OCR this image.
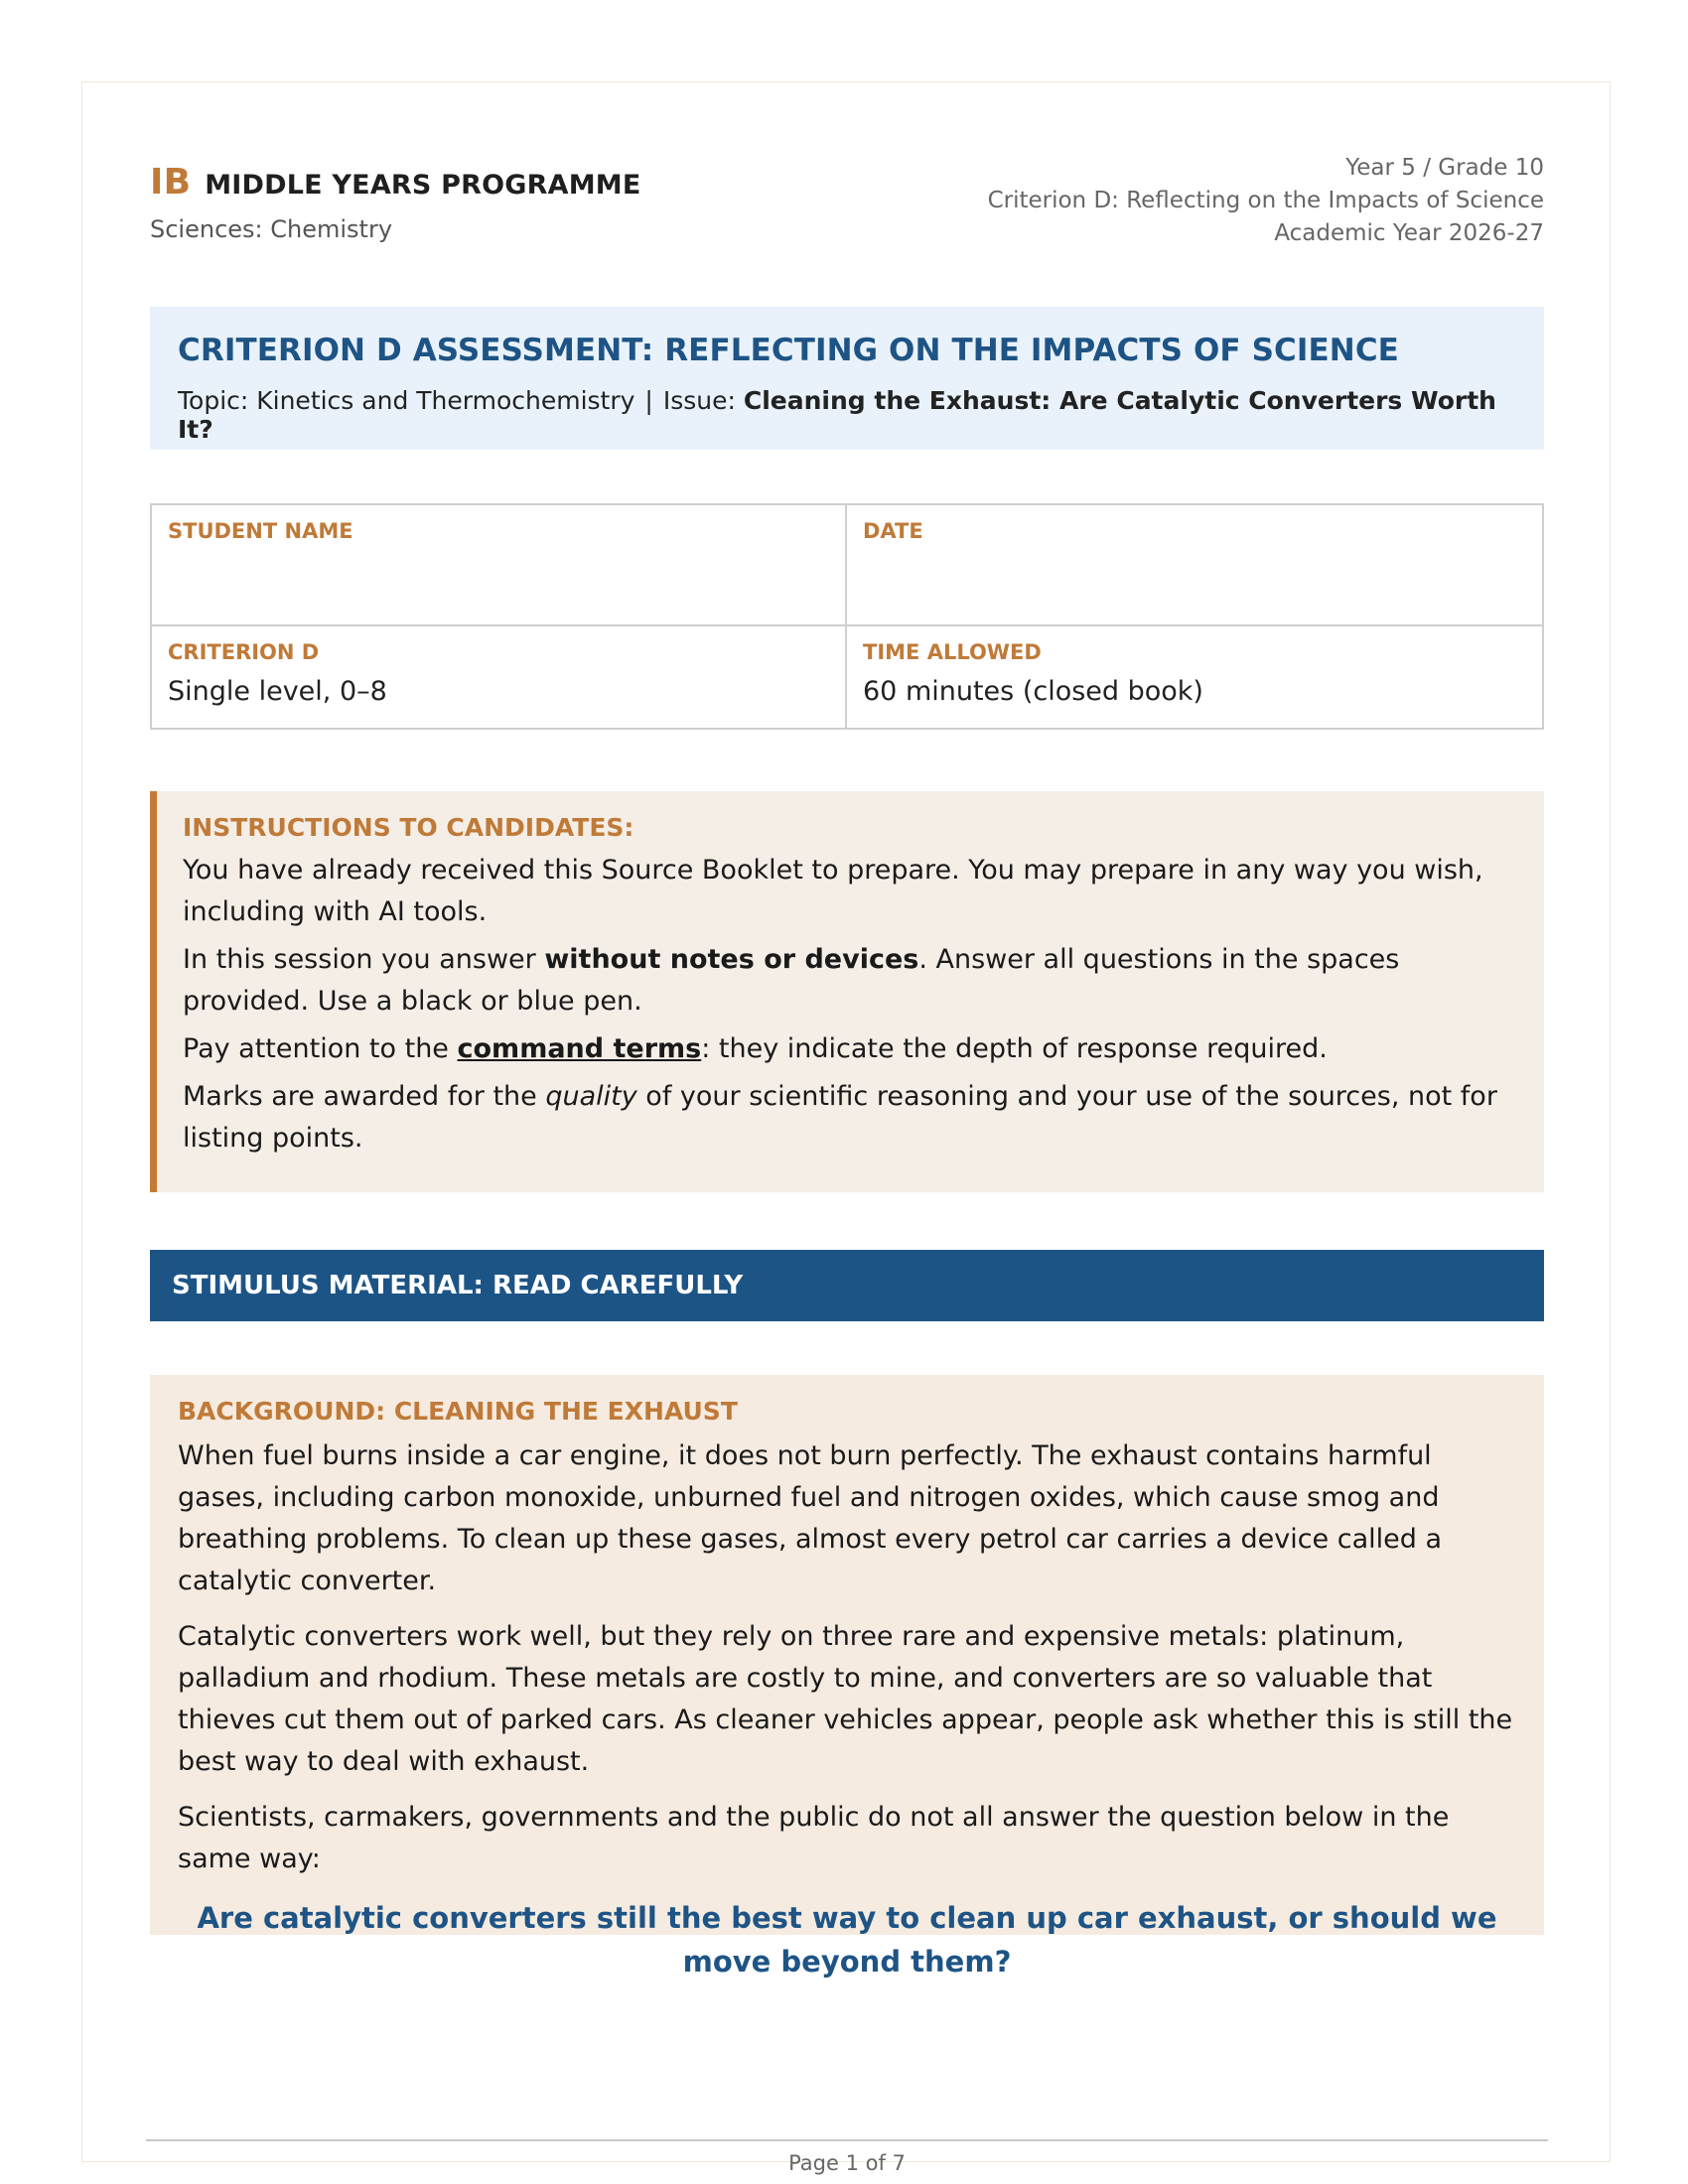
IB MIDDLE YEARS PROGRAMME
Sciences: Chemistry
Year 5 / Grade 10
Criterion D: Reflecting on the Impacts of Science
Academic Year 2026-27
CRITERION D ASSESSMENT: REFLECTING ON THE IMPACTS OF SCIENCE
Topic: Kinetics and Thermochemistry | Issue: Cleaning the Exhaust: Are Catalytic Converters Worth It?
STUDENT NAME	DATE
CRITERION D
Single level, 0–8
TIME ALLOWED
60 minutes (closed book)
INSTRUCTIONS TO CANDIDATES:

You have already received this Source Booklet to prepare. You may prepare in any way you wish, including with AI tools.

In this session you answer without notes or devices. Answer all questions in the spaces provided. Use a black or blue pen.

Pay attention to the command terms: they indicate the depth of response required.

Marks are awarded for the quality of your scientific reasoning and your use of the sources, not for listing points.

STIMULUS MATERIAL: READ CAREFULLY
BACKGROUND: CLEANING THE EXHAUST

When fuel burns inside a car engine, it does not burn perfectly. The exhaust contains harmful gases, including carbon monoxide, unburned fuel and nitrogen oxides, which cause smog and breathing problems. To clean up these gases, almost every petrol car carries a device called a catalytic converter.

Catalytic converters work well, but they rely on three rare and expensive metals: platinum, palladium and rhodium. These metals are costly to mine, and converters are so valuable that thieves cut them out of parked cars. As cleaner vehicles appear, people ask whether this is still the best way to deal with exhaust.

Scientists, carmakers, governments and the public do not all answer the question below in the same way:

Are catalytic converters still the best way to clean up car exhaust, or should we move beyond them?
Page 1 of 7
